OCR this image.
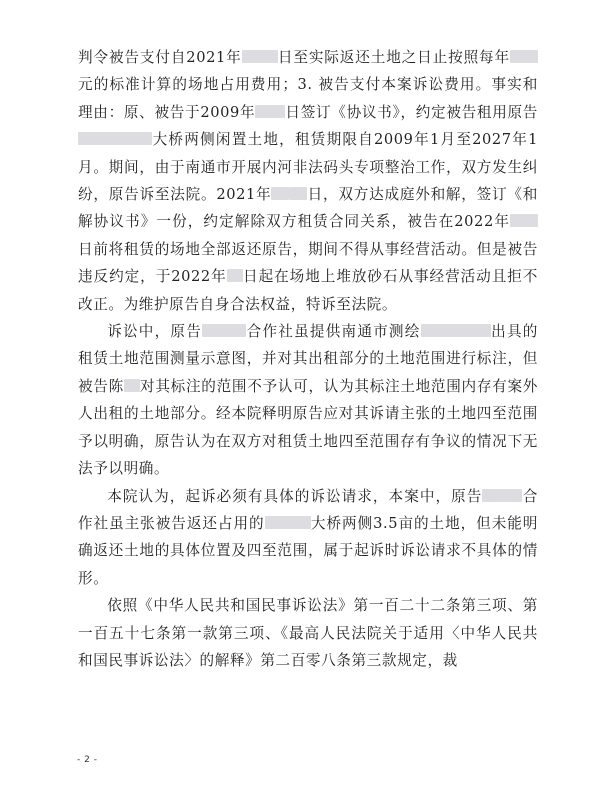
判令被告支付自2021年 日至实际返还土地之日止按照每年元的标准计算的场地占用费用；3. 被告支付本案诉讼费用。事实和理由：原、被告于2009年 日签订《协议书》，约定被告租用原告大桥两侧闲置土地，租赁期限自2009年1月至2027年1月。期间，由于南通市开展内河非法码头专项整治工作，双方发生纠纷，原告诉至法院。2021年 日，双方达成庭外和解，签订《和解协议书》一份，约定解除双方租赁合同关系，被告在2022年日前将租赁的场地全部返还原告，期间不得从事经营活动。但是被告违反约定，于2022年 日起在场地上堆放砂石从事经营活动且拒不改正。为维护原告自身合法权益，特诉至法院。

诉讼中，原告	合作社虽提供南通市测绘	出具的租赁土地范围测量示意图，并对其出租部分的土地范围进行标注，但被告陈 对其标注的范围不予认可，认为其标注土地范围内存有案外人出租的土地部分。经本院释明原告应对其诉请主张的土地四至范围予以明确，原告认为在双方对租赁土地四至范围存有争议的情况下无法予以明确。

本院认为，起诉必须有具体的诉讼请求，本案中，原告	合作社虽主张被告返还占用的	大桥两侧3.5亩的土地，但未能明确返还土地的具体位置及四至范围，属于起诉时诉讼请求不具体的情形。

依照《中华人民共和国民事诉讼法》第一百二十二条第三项、第一百五十七条第一款第三项、《最高人民法院关于适用〈中华人民共和国民事诉讼法〉的解释》第二百零八条第三款规定，裁

- 2 -
